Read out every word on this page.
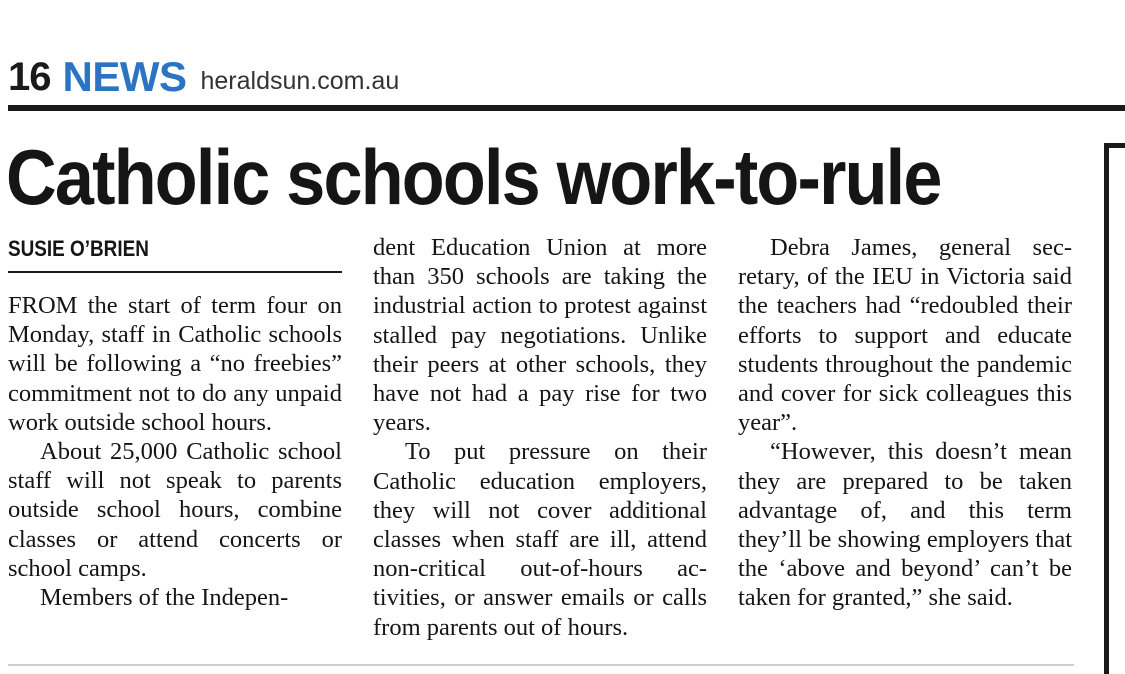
16 NEWS heraldsun.com.au
Catholic schools work-to-rule
SUSIE O’BRIEN

FROM the start of term four on Monday, staff in Catholic schools will be following a “no freebies” commitment not to do any unpaid work outside school hours.

About 25,000 Catholic school staff will not speak to parents outside school hours, combine classes or attend concerts or school camps.

Members of the Indepen-

dent Education Union at more than 350 schools are taking the industrial action to protest against stalled pay negotiations. Unlike their peers at other schools, they have not had a pay rise for two years.

To put pressure on their Catholic education employers, they will not cover additional classes when staff are ill, attend non-critical out-of-hours activities, or answer emails or calls from parents out of hours.

Debra James, general secretary, of the IEU in Victoria said the teachers had “redoubled their efforts to support and educate students throughout the pandemic and cover for sick colleagues this year”.

“However, this doesn’t mean they are prepared to be taken advantage of, and this term they’ll be showing employers that the ‘above and beyond’ can’t be taken for granted,” she said.
